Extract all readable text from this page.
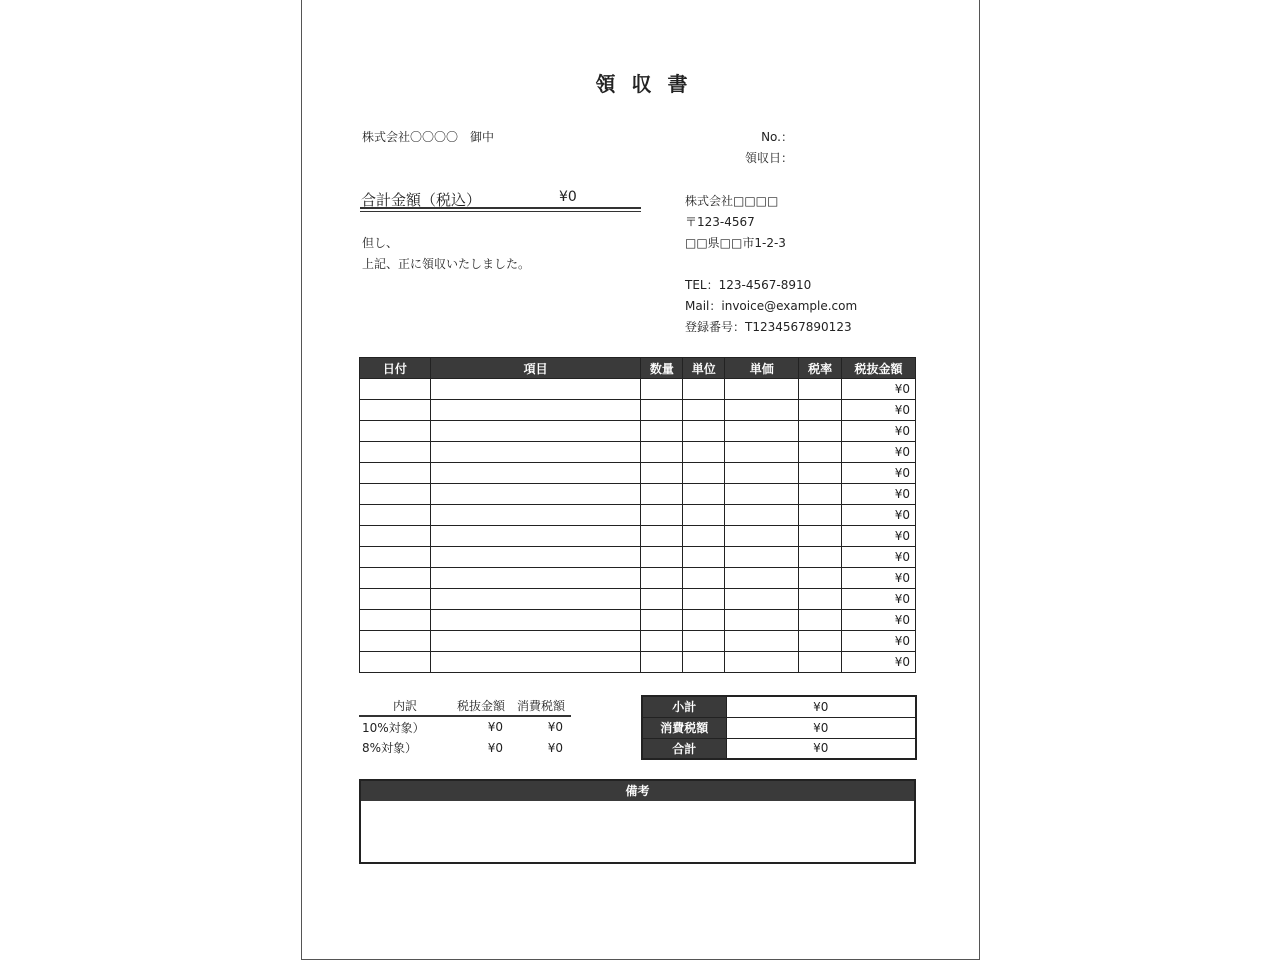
領収書
株式会社〇〇〇〇　御中	No.：
領収日：
合計金額（税込）	¥0
但し、
上記、正に領収いたしました。
株式会社□□□□
〒123-4567
□□県□□市1-2-3
TEL：123-4567-8910
Mail：invoice@example.com
登録番号：T1234567890123
日付	項目	数量	単位	単価	税率	税抜金額
						¥0
						¥0
						¥0
						¥0
						¥0
						¥0
						¥0
						¥0
						¥0
						¥0
						¥0
						¥0
						¥0
						¥0
内訳	税抜金額	消費税額
10%対象）	¥0	¥0
8%対象）	¥0	¥0
小計	¥0
消費税額	¥0
合計	¥0
備考
